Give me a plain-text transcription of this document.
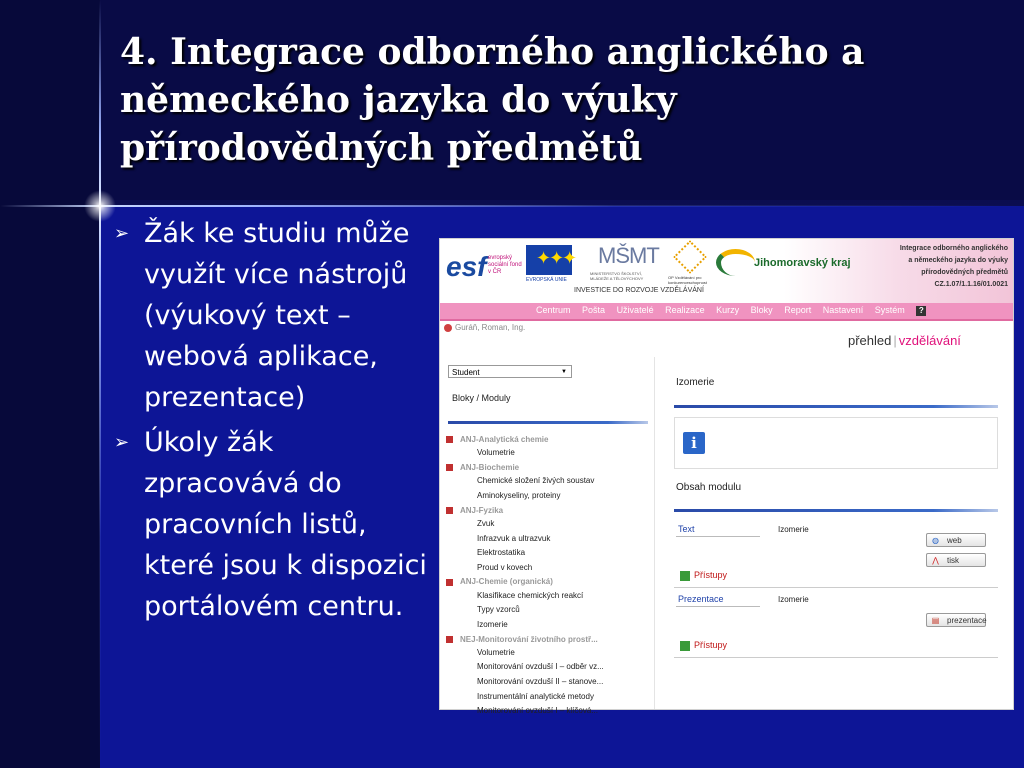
4. Integrace odborného anglického a
německého jazyka do výuky
přírodovědných předmětů
➢ Žák ke studiu může využít více nástrojů (výukový text – webová aplikace, prezentace)
➢ Úkoly žák zpracovává do pracovních listů, které jsou k dispozici portálovém centru.
esf evropský sociální fond v ČR
✦✦✦
EVROPSKÁ UNIE
MŠMT
MINISTERSTVO ŠKOLSTVÍ, MLÁDEŽE A TĚLOVÝCHOVY	OP Vzdělávání pro konkurenceschopnost
Jihomoravský kraj
INVESTICE DO ROZVOJE VZDĚLÁVÁNÍ
Integrace odborného anglického
a německého jazyka do výuky
přírodovědných předmětů
CZ.1.07/1.1.16/01.0021
Centrum Pošta Uživatelé Realizace Kurzy Bloky Report Nastavení Systém ?
Guráň, Roman, Ing.
přehled | vzdělávání
Student	▼
Bloky / Moduly
ANJ-Analytická chemie
Volumetrie
ANJ-Biochemie
Chemické složení živých soustav
Aminokyseliny, proteiny
ANJ-Fyzika
Zvuk
Infrazvuk a ultrazvuk
Elektrostatika
Proud v kovech
ANJ-Chemie (organická)
Klasifikace chemických reakcí
Typy vzorců
Izomerie
NEJ-Monitorování životního prostř...
Volumetrie
Monitorování ovzduší I – odběr vz...
Monitorování ovzduší II – stanove...
Instrumentální analytické metody
Monitorování ovzduší I – klíčová...
Izomerie
i
Obsah modulu
Text	Izomerie
◍ web
⋀ tisk
Přístupy
Prezentace	Izomerie
▤ prezentace
Přístupy
